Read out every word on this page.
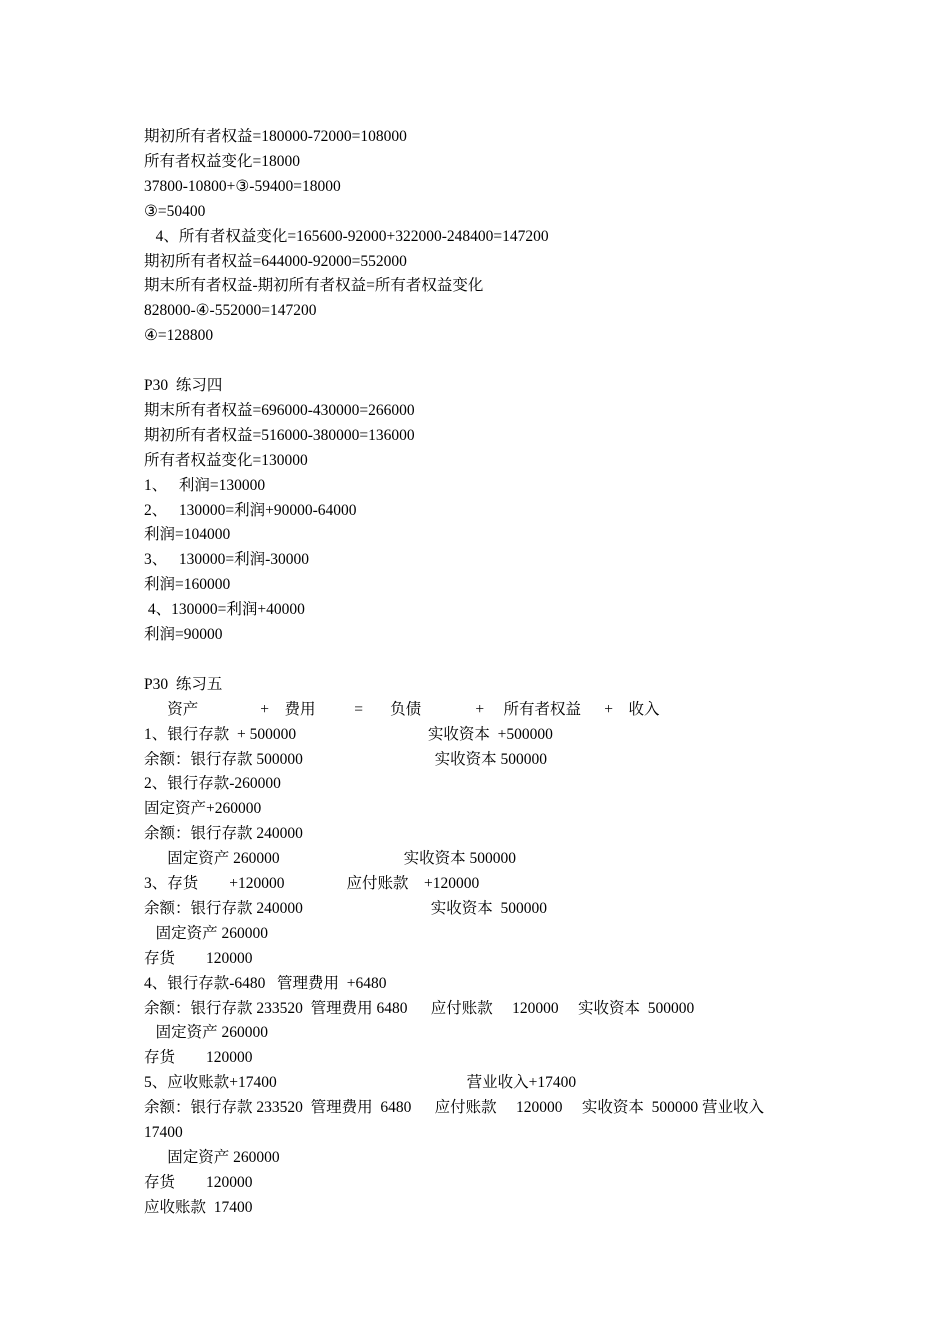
期初所有者权益=180000-72000=108000
所有者权益变化=18000
37800-10800+③-59400=18000
③=50400
4、所有者权益变化=165600-92000+322000-248400=147200
期初所有者权益=644000-92000=552000
期末所有者权益-期初所有者权益=所有者权益变化
828000-④-552000=147200
④=128800
P30  练习四
期末所有者权益=696000-430000=266000
期初所有者权益=516000-380000=136000
所有者权益变化=130000
1、   利润=130000
2、   130000=利润+90000-64000
利润=104000
3、   130000=利润-30000
利润=160000
4、130000=利润+40000
利润=90000
P30  练习五
资产                +    费用          =       负债              +     所有者权益      +    收入
1、银行存款  + 500000                                  实收资本  +500000
余额：银行存款 500000                                  实收资本 500000
2、银行存款-260000
固定资产+260000
余额：银行存款 240000
固定资产 260000                                实收资本 500000
3、存货        +120000                应付账款    +120000
余额：银行存款 240000                                 实收资本  500000
固定资产 260000
存货        120000
4、银行存款-6480   管理费用  +6480
余额：银行存款 233520  管理费用 6480      应付账款     120000     实收资本  500000
固定资产 260000
存货        120000
5、应收账款+17400                                                 营业收入+17400
余额：银行存款 233520  管理费用  6480      应付账款     120000     实收资本  500000 营业收入
17400
固定资产 260000
存货        120000
应收账款  17400
